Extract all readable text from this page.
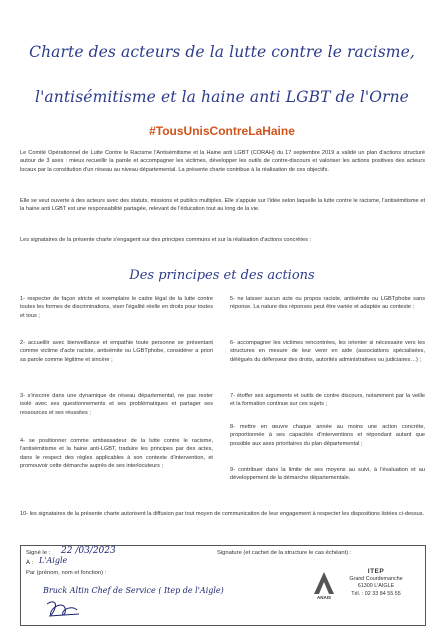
Charte des acteurs de la lutte contre le racisme,
l'antisémitisme et la haine anti LGBT de l'Orne
#TousUnisContreLaHaine
Le Comité Opérationnel de Lutte Contre le Racisme l'Antisémitisme et la Haine anti LGBT (CORAH) du 17 septembre 2019 a validé un plan d'actions structuré autour de 3 axes : mieux recueillir la parole et accompagner les victimes, développer les outils de contre-discours et valoriser les actions positives des acteurs locaux par la constitution d'un réseau au niveau départemental. La présente charte contribue à la réalisation de ces objectifs.
Elle se veut ouverte à des acteurs avec des statuts, missions et publics multiples. Elle s'appuie sur l'idée selon laquelle la lutte contre le racisme, l'antisémitisme et la haine anti LGBT est une responsabilité partagée, relevant de l'éducation tout au long de la vie.
Les signataires de la présente charte s'engagent sur des principes communs et sur la réalisation d'actions concrètes :
Des principes et des actions
1- respecter de façon stricte et exemplaire le cadre légal de la lutte contre toutes les formes de discriminations, viser l'égalité réelle en droits pour toutes et tous ;
2- accueillir avec bienveillance et empathie toute personne se présentant comme victime d'acte raciste, antisémite ou LGBTphobe, considérer a priori sa parole comme légitime et sincère ;
3- s'inscrire dans une dynamique de réseau départemental, ne pas rester isolé avec ses questionnements et ses problématiques et partager ses ressources et ses réussites ;
4- se positionner comme ambassadeur de la lutte contre le racisme, l'antisémitisme et la haine anti-LGBT, traduire les principes par des actes, dans le respect des règles applicables à son contexte d'intervention, et promouvoir cette démarche auprès de ses interlocuteurs ;
5- ne laisser aucun acte ou propos raciste, antisémite ou LGBTphobe sans réponse. La nature des réponses peut être variée et adaptée au contexte ;
6- accompagner les victimes rencontrées, les orienter si nécessaire vers les structures en mesure de leur venir en aide (associations spécialisées, délégués du défenseur des droits, autorités administratives ou judiciaires…) ;
7- étoffer ses arguments et outils de contre discours, notamment par la veille et la formation continue sur ces sujets ;
8- mettre en œuvre chaque année au moins une action concrète, proportionnée à ses capacités d'interventions et répondant autant que possible aux axes prioritaires du plan départemental ;
9- contribuer dans la limite de ses moyens au suivi, à l'évaluation et au développement de la démarche départementale.
10- les signataires de la présente charte autorisent la diffusion par tout moyen de communication de leur engagement à respecter les dispositions listées ci-dessus.
Signé le : 22 /03/2023
À : L'Aigle
Par (prénom, nom et fonction) :
Bruck Altin Chef de Service ( Itep de l'Aigle)
Signature (et cachet de la structure le cas échéant) :
ANAIS
ITEP
Grand Courdemanche
61300 L'AIGLE
Tél. : 02 33 84 55 55
